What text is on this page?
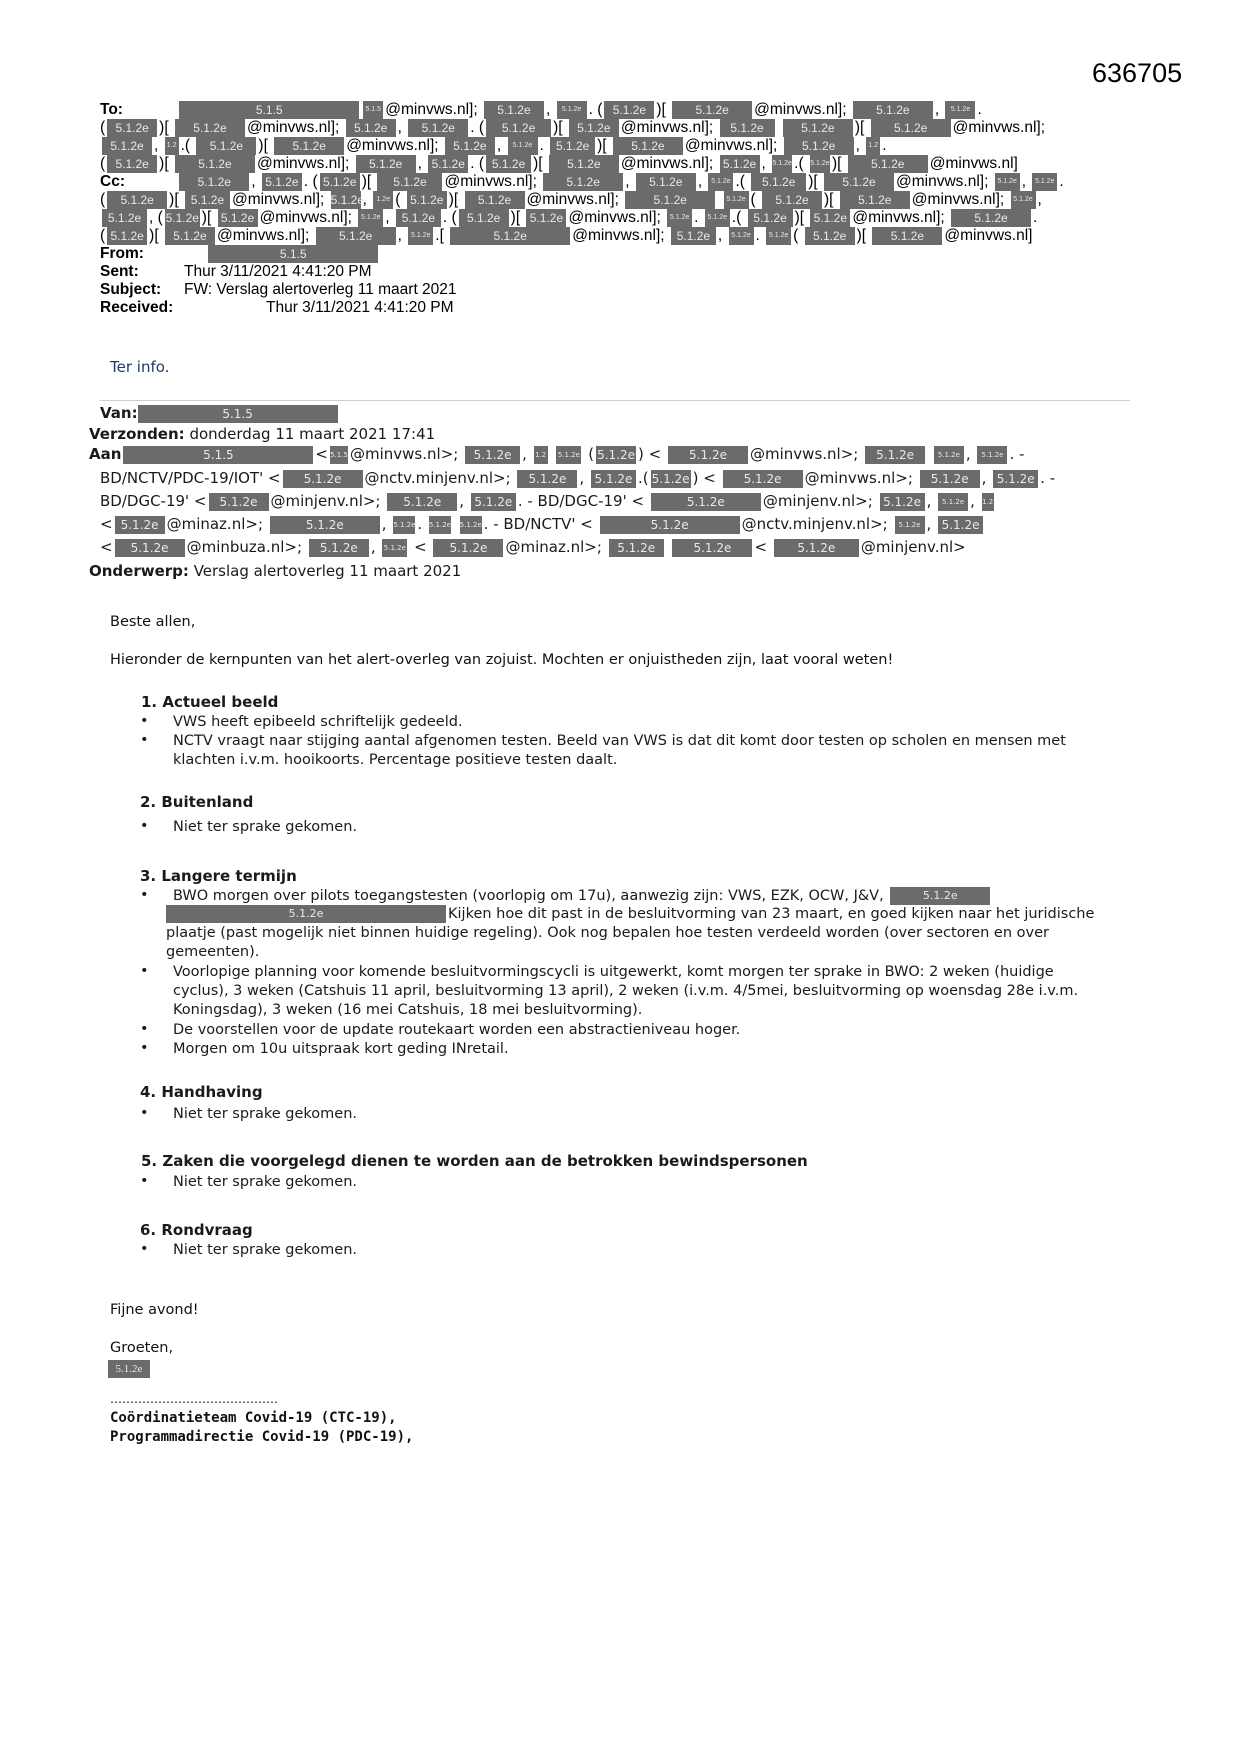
636705
To:	5.1.5	5.1.5 @minvws.nl]; 5.1.2e , 5.1.2e . ( 5.1.2e )[ 5.1.2e @minvws.nl]; 5.1.2e , 5.1.2e .
( 5.1.2e )[ 5.1.2e @minvws.nl]; 5.1.2e , 5.1.2e . ( 5.1.2e )[ 5.1.2e @minvws.nl]; 5.1.2e	5.1.2e )[ 5.1.2e @minvws.nl];
5.1.2e , 1.2 .( 5.1.2e )[ 5.1.2e @minvws.nl]; 5.1.2e , 5.1.2e . 5.1.2e )[ 5.1.2e @minvws.nl]; 5.1.2e , 1.2 .
( 5.1.2e )[ 5.1.2e @minvws.nl]; 5.1.2e , 5.1.2e . ( 5.1.2e )[ 5.1.2e @minvws.nl]; 5.1.2e , 5.1.2e .( 5.1.2e )[ 5.1.2e @minvws.nl]
Cc:	5.1.2e , 5.1.2e . ( 5.1.2e )[ 5.1.2e @minvws.nl]; 5.1.2e , 5.1.2e , 5.1.2e .( 5.1.2e )[ 5.1.2e @minvws.nl]; 5.1.2e , 5.1.2e .
( 5.1.2e )[ 5.1.2e @minvws.nl]; 5.1.2e, 1.2e ( 5.1.2e )[ 5.1.2e @minvws.nl];	5.1.2e	5.1.2e ( 5.1.2e )[ 5.1.2e @minvws.nl]; 5.1.2e ,
5.1.2e , ( 5.1.2e )[ 5.1.2e @minvws.nl]; 5.1.2e , 5.1.2e . ( 5.1.2e )[ 5.1.2e @minvws.nl]; 5.1.2e . 5.1.2e .( 5.1.2e )[ 5.1.2e @minvws.nl]; 5.1.2e .
( 5.1.2e )[ 5.1.2e @minvws.nl]; 5.1.2e , 5.1.2e .[	5.1.2e	@minvws.nl]; 5.1.2e , 5.1.2e . 5.1.2e ( 5.1.2e )[ 5.1.2e @minvws.nl]
From:	5.1.5
Sent:	Thur 3/11/2021 4:41:20 PM
Subject: FW: Verslag alertoverleg 11 maart 2021
Received:	Thur 3/11/2021 4:41:20 PM
Ter info.
Van:	5.1.5
Verzonden: donderdag 11 maart 2021 17:41
Aan	5.1.5	< 5.1.5 @minvws.nl>; 5.1.2e , 1.2 5.1.2e ( 5.1.2e ) < 5.1.2e @minvws.nl>; 5.1.2e	5.1.2e , 5.1.2e . -
BD/NCTV/PDC-19/IOT' < 5.1.2e @nctv.minjenv.nl>; 5.1.2e , 5.1.2e .( 5.1.2e ) < 5.1.2e @minvws.nl>; 5.1.2e , 5.1.2e . -
BD/DGC-19' < 5.1.2e @minjenv.nl>; 5.1.2e , 5.1.2e . - BD/DGC-19' <	5.1.2e	@minjenv.nl>; 5.1.2e , 5.1.2e , 1.2
< 5.1.2e @minaz.nl>;	5.1.2e	, 5.1.2e . 5.1.2e 5.1.2e . - BD/NCTV' <	5.1.2e	@nctv.minjenv.nl>; 5.1.2e , 5.1.2e
< 5.1.2e @minbuza.nl>; 5.1.2e , 5.1.2e < 5.1.2e @minaz.nl>; 5.1.2e	5.1.2e <	5.1.2e @minjenv.nl>
Onderwerp: Verslag alertoverleg 11 maart 2021
Beste allen,
Hieronder de kernpunten van het alert-overleg van zojuist. Mochten er onjuistheden zijn, laat vooral weten!
1. Actueel beeld
• VWS heeft epibeeld schriftelijk gedeeld.
• NCTV vraagt naar stijging aantal afgenomen testen. Beeld van VWS is dat dit komt door testen op scholen en mensen met klachten i.v.m. hooikoorts. Percentage positieve testen daalt.
2. Buitenland
• Niet ter sprake gekomen.
3. Langere termijn
• BWO morgen over pilots toegangstesten (voorlopig om 17u), aanwezig zijn: VWS, EZK, OCW, J&V,	5.1.2e
5.1.2e	Kijken hoe dit past in de besluitvorming van 23 maart, en goed kijken naar het juridische plaatje (past mogelijk niet binnen huidige regeling). Ook nog bepalen hoe testen verdeeld worden (over sectoren en over gemeenten).
• Voorlopige planning voor komende besluitvormingscycli is uitgewerkt, komt morgen ter sprake in BWO: 2 weken (huidige cyclus), 3 weken (Catshuis 11 april, besluitvorming 13 april), 2 weken (i.v.m. 4/5mei, besluitvorming op woensdag 28e i.v.m. Koningsdag), 3 weken (16 mei Catshuis, 18 mei besluitvorming).
• De voorstellen voor de update routekaart worden een abstractieniveau hoger.
• Morgen om 10u uitspraak kort geding INretail.
4. Handhaving
• Niet ter sprake gekomen.
5. Zaken die voorgelegd dienen te worden aan de betrokken bewindspersonen
• Niet ter sprake gekomen.
6. Rondvraag
• Niet ter sprake gekomen.
Fijne avond!
Groeten,
5.1.2e
……………………………………
Coördinatieteam Covid-19 (CTC-19),
Programmadirectie Covid-19 (PDC-19),
